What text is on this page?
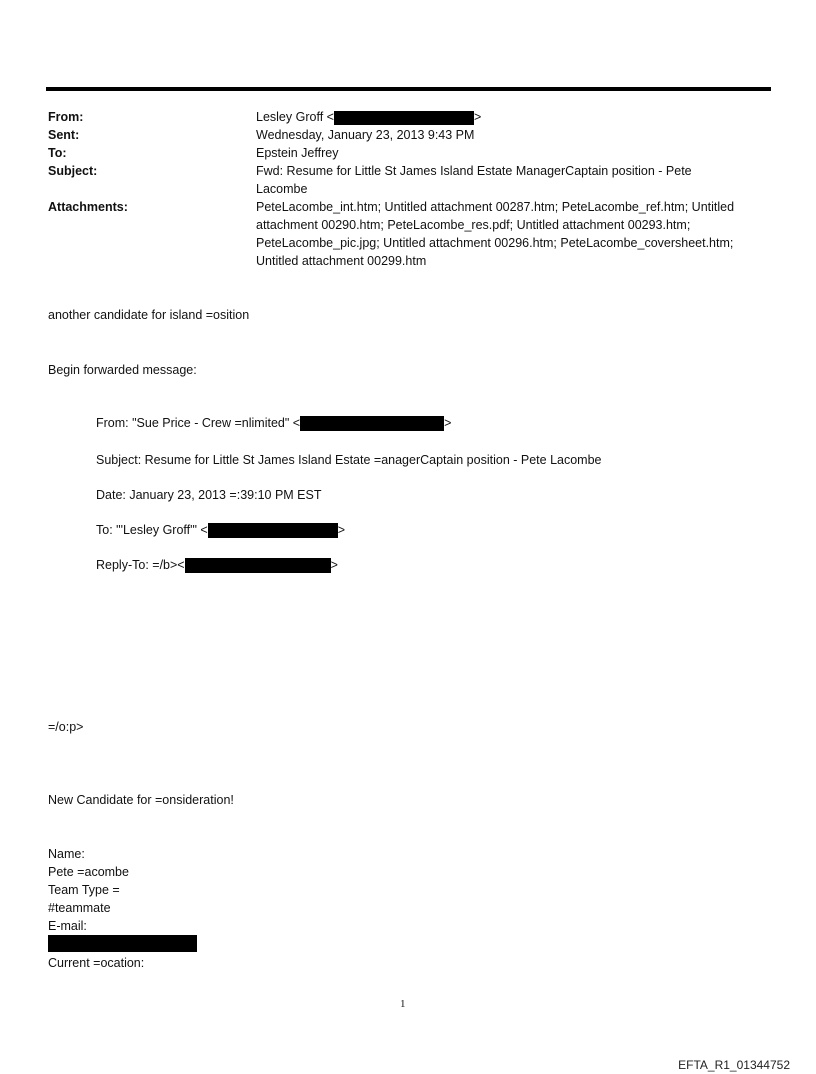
From:	Lesley Groff <	>
Sent:	Wednesday, January 23, 2013 9:43 PM
To:	Epstein Jeffrey
Subject:	Fwd: Resume for Little St James Island Estate ManagerCaptain position - Pete Lacombe
Attachments:	PeteLacombe_int.htm; Untitled attachment 00287.htm; PeteLacombe_ref.htm; Untitled attachment 00290.htm; PeteLacombe_res.pdf; Untitled attachment 00293.htm; PeteLacombe_pic.jpg; Untitled attachment 00296.htm; PeteLacombe_coversheet.htm; Untitled attachment 00299.htm
another candidate for island =osition
Begin forwarded message:
From: "Sue Price - Crew =nlimited" <	>
Subject: Resume for Little St James Island Estate =anagerCaptain position - Pete Lacombe
Date: January 23, 2013 =:39:10 PM EST
To: "'Lesley Groff'" <	>
Reply-To: =/b><	>
=/o:p>
New Candidate for =onsideration!
Name:
Pete =acombe
Team Type =
#teammate
E-mail:
Current =ocation:
1
EFTA_R1_01344752
